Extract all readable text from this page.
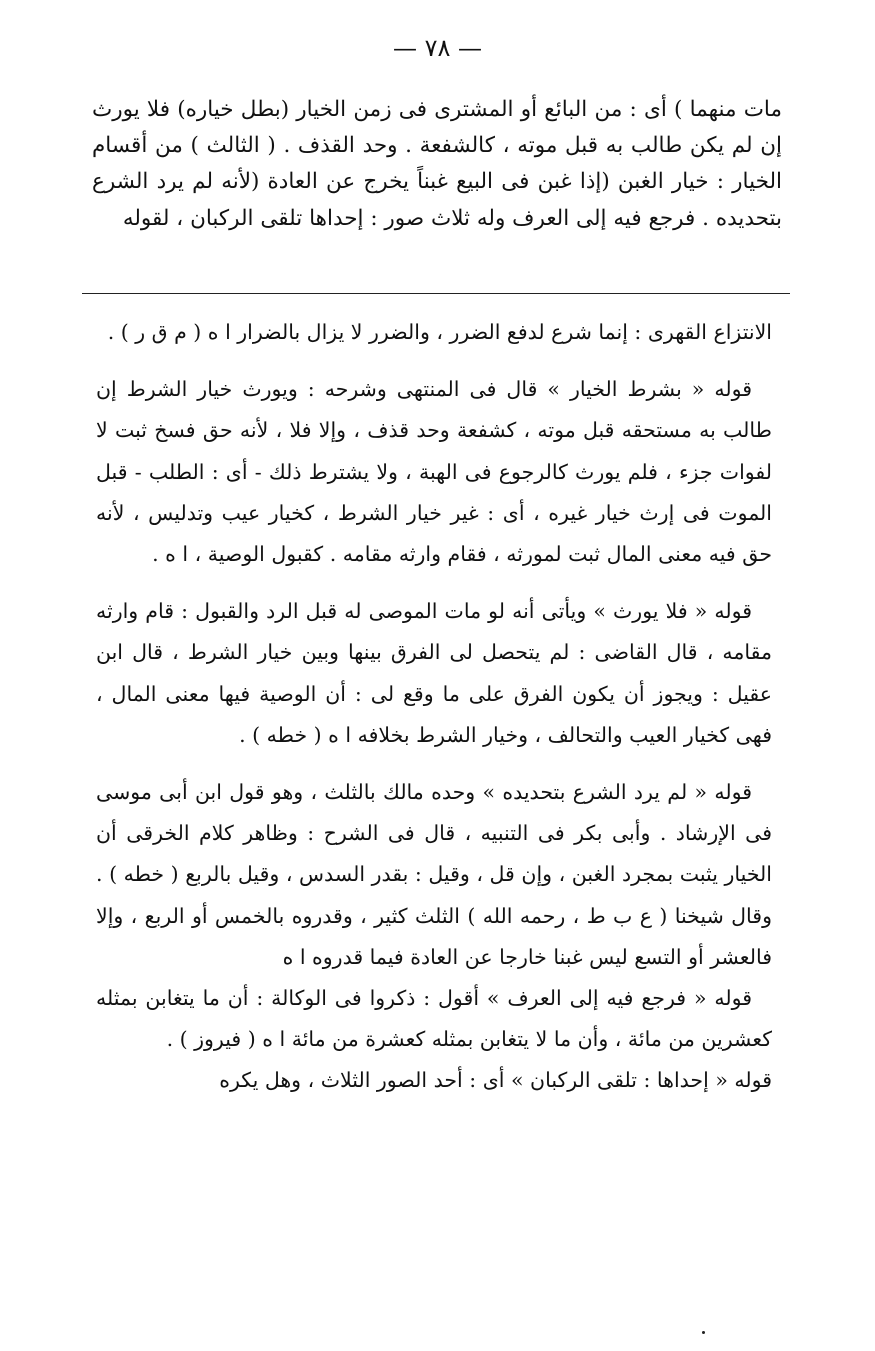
— ٧٨ —

مات منهما ) أى : من البائع أو المشترى فى زمن الخيار (بطل خياره) فلا يورث إن لم يكن طالب به قبل موته ، كالشفعة . وحد القذف . ( الثالث ) من أقسام الخيار : خيار الغبن (إذا غبن فى البيع غبناً يخرج عن العادة (لأنه لم يرد الشرع بتحديده . فرجع فيه إلى العرف وله ثلاث صور : إحداها تلقى الركبان ، لقوله

الانتزاع القهرى : إنما شرع لدفع الضرر ، والضرر لا يزال بالضرار ا ه ( م ق ر ) .

قوله « بشرط الخيار » قال فى المنتهى وشرحه : ويورث خيار الشرط إن طالب به مستحقه قبل موته ، كشفعة وحد قذف ، وإلا فلا ، لأنه حق فسخ ثبت لا لفوات جزء ، فلم يورث كالرجوع فى الهبة ، ولا يشترط ذلك - أى : الطلب - قبل الموت فى إرث خيار غيره ، أى : غير خيار الشرط ، كخيار عيب وتدليس ، لأنه حق فيه معنى المال ثبت لمورثه ، فقام وارثه مقامه . كقبول الوصية ، ا ه .

قوله « فلا يورث » ويأتى أنه لو مات الموصى له قبل الرد والقبول : قام وارثه مقامه ، قال القاضى : لم يتحصل لى الفرق بينها وبين خيار الشرط ، قال ابن عقيل : ويجوز أن يكون الفرق على ما وقع لى : أن الوصية فيها معنى المال ، فهى كخيار العيب والتحالف ، وخيار الشرط بخلافه ا ه ( خطه ) .

قوله « لم يرد الشرع بتحديده » وحده مالك بالثلث ، وهو قول ابن أبى موسى فى الإرشاد . وأبى بكر فى التنبيه ، قال فى الشرح : وظاهر كلام الخرقى أن الخيار يثبت بمجرد الغبن ، وإن قل ، وقيل : بقدر السدس ، وقيل بالربع ( خطه ) . وقال شيخنا ( ع ب ط ، رحمه الله ) الثلث كثير ، وقدروه بالخمس أو الربع ، وإلا فالعشر أو التسع ليس غبنا خارجا عن العادة فيما قدروه ا ه

قوله « فرجع فيه إلى العرف » أقول : ذكروا فى الوكالة : أن ما يتغابن بمثله كعشرين من مائة ، وأن ما لا يتغابن بمثله كعشرة من مائة ا ه ( فيروز ) .

قوله « إحداها : تلقى الركبان » أى : أحد الصور الثلاث ، وهل يكره
